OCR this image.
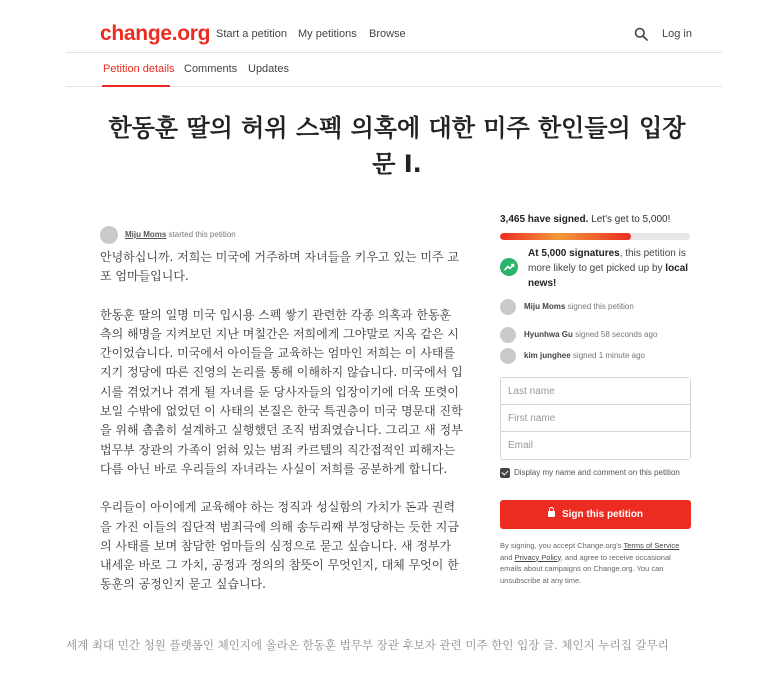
change.org Start a petition My petitions Browse	Log in
Petition details Comments Updates
한동훈 딸의 허위 스펙 의혹에 대한 미주 한인들의 입장문 I.
Miju Moms started this petition

안녕하십니까. 저희는 미국에 거주하며 자녀들을 키우고 있는 미주 교포 엄마들입니다.

한동훈 딸의 일명 미국 입시용 스펙 쌓기 관련한 각종 의혹과 한동훈 측의 해명을 지켜보던 지난 며칠간은 저희에게 그야말로 지옥 같은 시간이었습니다. 미국에서 아이들을 교육하는 엄마인 저희는 이 사태를 지기 정당에 따른 진영의 논리를 통해 이해하지 않습니다. 미국에서 입시를 겪었거나 겪게 될 자녀를 둔 당사자들의 입장이기에 더욱 또렷이 보일 수밖에 없었던 이 사태의 본질은 한국 특권층이 미국 명문대 진학을 위해 촘촘히 설계하고 실행했던 조직 범죄였습니다. 그리고 새 정부 법무부 장관의 가족이 얽혀 있는 범죄 카르텔의 직간접적인 피해자는 다름 아닌 바로 우리들의 자녀라는 사실이 저희를 공분하게 합니다.

우리들이 아이에게 교육해야 하는 정직과 성실함의 가치가 돈과 권력을 가진 이들의 집단적 범죄극에 의해 송두리째 부정당하는 듯한 지금의 사태를 보며 참담한 엄마들의 심정으로 묻고 싶습니다. 새 정부가 내세운 바로 그 가치, 공정과 정의의 참뜻이 무엇인지, 대체 무엇이 한동훈의 공정인지 묻고 싶습니다.

3,465 have signed. Let's get to 5,000!
At 5,000 signatures, this petition is more likely to get picked up by local news!
Miju Moms signed this petition
Hyunhwa Gu signed 58 seconds ago
kim junghee signed 1 minute ago
Last name
First name
Email
Display my name and comment on this petition
Sign this petition
By signing, you accept Change.org's Terms of Service and Privacy Policy, and agree to receive occasional emails about campaigns on Change.org. You can unsubscribe at any time.
세계 최대 민간 청원 플랫폼인 체인지에 올라온 한동훈 법무부 장관 후보자 관련 미주 한인 입장 글. 체인지 누리집 갈무리
